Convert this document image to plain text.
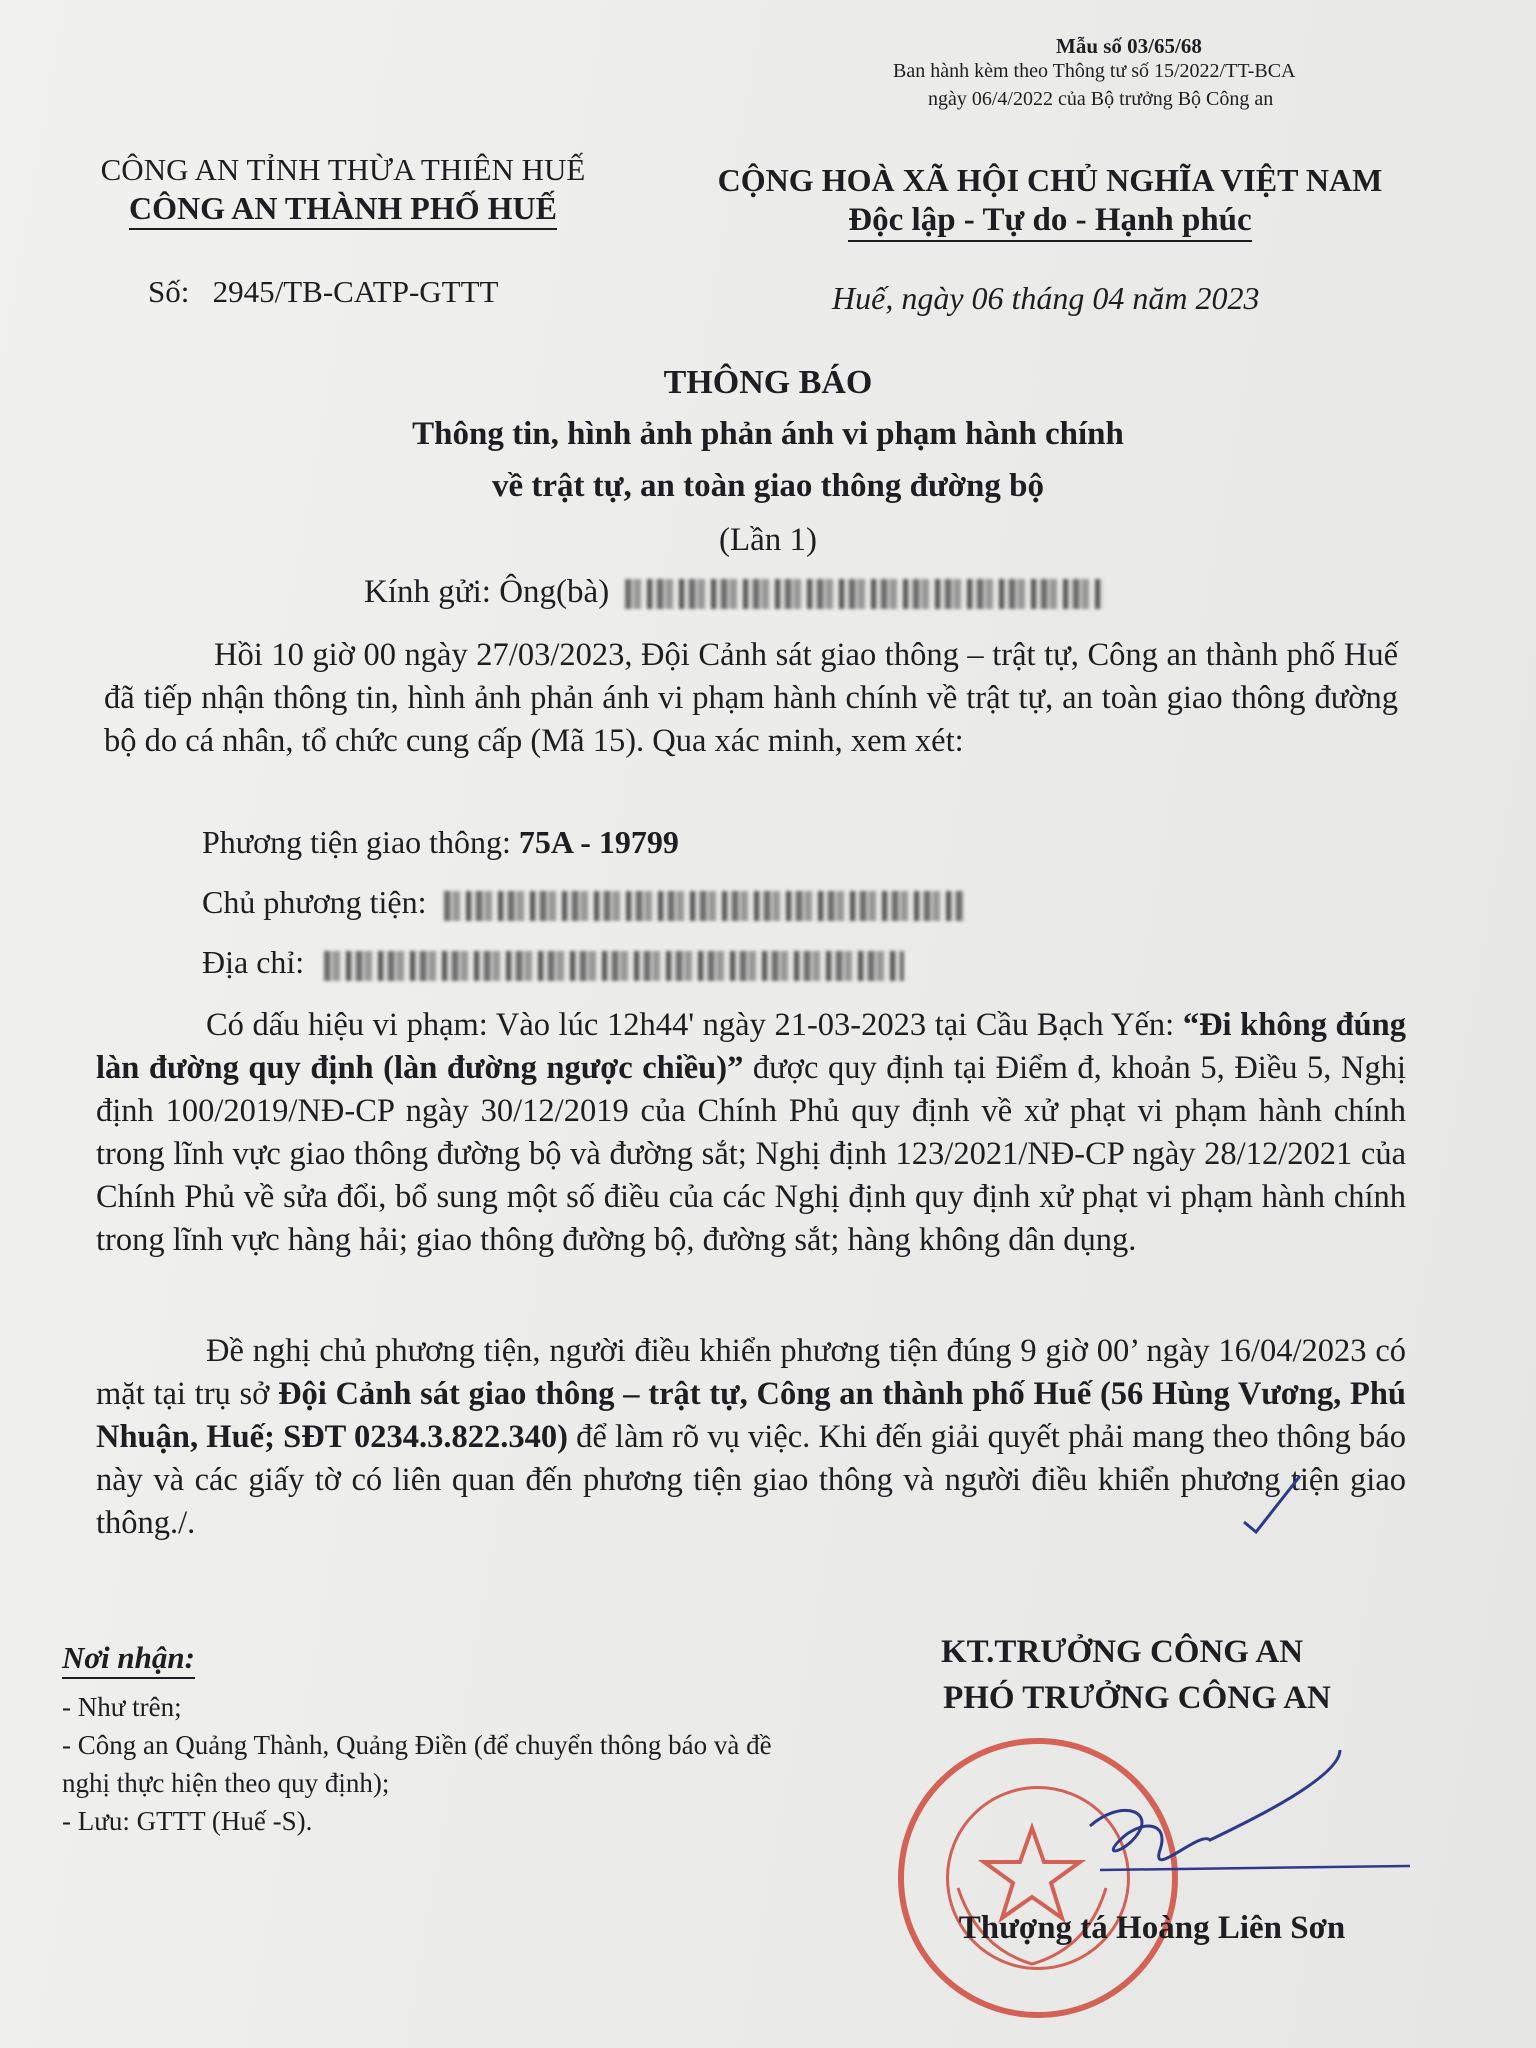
Mẫu số 03/65/68
Ban hành kèm theo Thông tư số 15/2022/TT-BCA
ngày 06/4/2022 của Bộ trưởng Bộ Công an
CÔNG AN TỈNH THỪA THIÊN HUẾ
CÔNG AN THÀNH PHỐ HUẾ
Số: 2945/TB-CATP-GTTT
CỘNG HOÀ XÃ HỘI CHỦ NGHĨA VIỆT NAM
Độc lập - Tự do - Hạnh phúc
Huế, ngày 06 tháng 04 năm 2023
THÔNG BÁO
Thông tin, hình ảnh phản ánh vi phạm hành chính
về trật tự, an toàn giao thông đường bộ
(Lần 1)
Kính gửi: Ông(bà)
Hồi 10 giờ 00 ngày 27/03/2023, Đội Cảnh sát giao thông – trật tự, Công an thành phố Huế đã tiếp nhận thông tin, hình ảnh phản ánh vi phạm hành chính về trật tự, an toàn giao thông đường bộ do cá nhân, tổ chức cung cấp (Mã 15). Qua xác minh, xem xét:
Phương tiện giao thông: 75A - 19799
Chủ phương tiện:
Địa chỉ:
Có dấu hiệu vi phạm: Vào lúc 12h44' ngày 21-03-2023 tại Cầu Bạch Yến: “Đi không đúng làn đường quy định (làn đường ngược chiều)” được quy định tại Điểm đ, khoản 5, Điều 5, Nghị định 100/2019/NĐ-CP ngày 30/12/2019 của Chính Phủ quy định về xử phạt vi phạm hành chính trong lĩnh vực giao thông đường bộ và đường sắt; Nghị định 123/2021/NĐ-CP ngày 28/12/2021 của Chính Phủ về sửa đổi, bổ sung một số điều của các Nghị định quy định xử phạt vi phạm hành chính trong lĩnh vực hàng hải; giao thông đường bộ, đường sắt; hàng không dân dụng.
Đề nghị chủ phương tiện, người điều khiển phương tiện đúng 9 giờ 00’ ngày 16/04/2023 có mặt tại trụ sở Đội Cảnh sát giao thông – trật tự, Công an thành phố Huế (56 Hùng Vương, Phú Nhuận, Huế; SĐT 0234.3.822.340) để làm rõ vụ việc. Khi đến giải quyết phải mang theo thông báo này và các giấy tờ có liên quan đến phương tiện giao thông và người điều khiển phương tiện giao thông./.
Nơi nhận:
- Như trên;
- Công an Quảng Thành, Quảng Điền (để chuyển thông báo và đề nghị thực hiện theo quy định);
- Lưu: GTTT (Huế -S).
KT.TRƯỞNG CÔNG AN
PHÓ TRƯỞNG CÔNG AN
Thượng tá Hoàng Liên Sơn
